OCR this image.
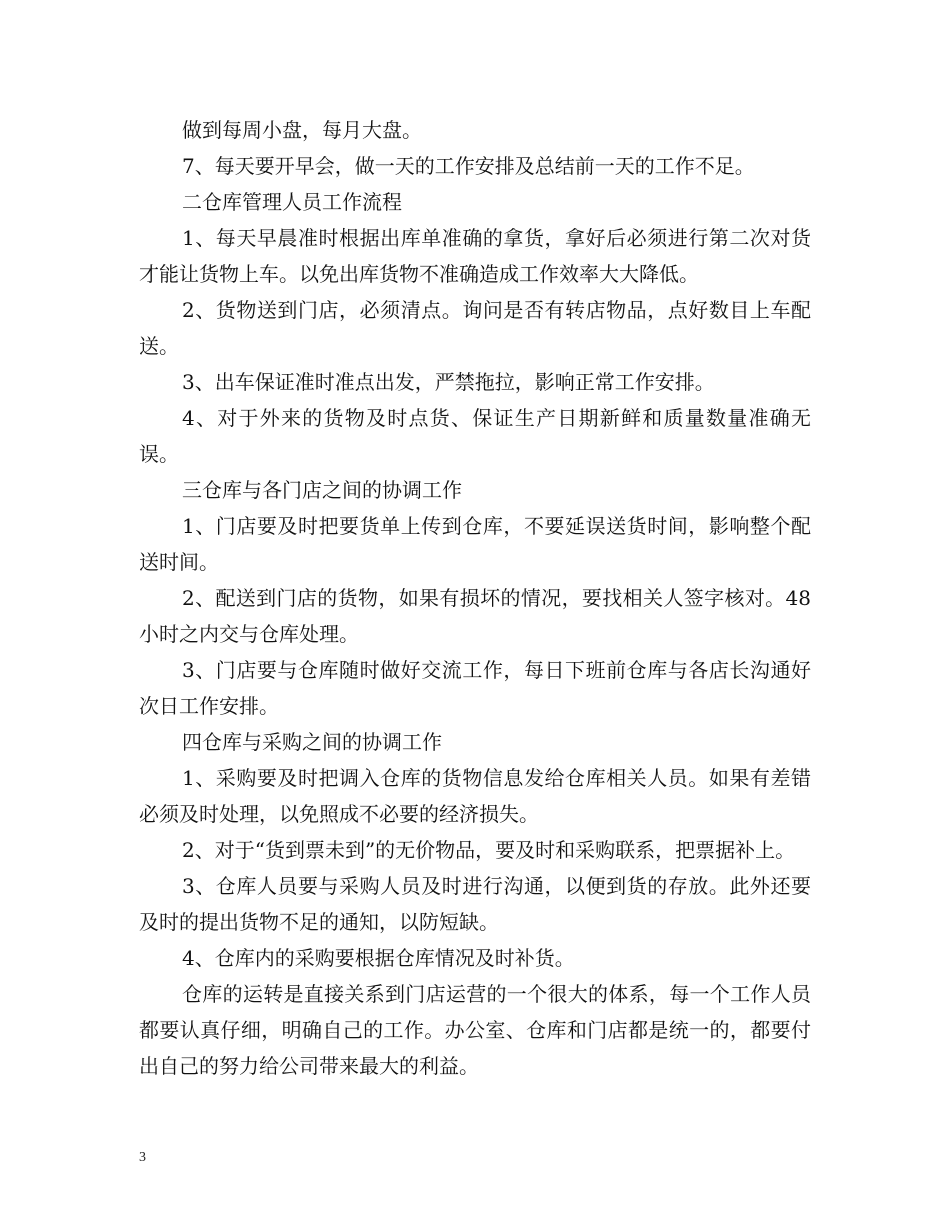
做到每周小盘，每月大盘。

7、每天要开早会，做一天的工作安排及总结前一天的工作不足。

二仓库管理人员工作流程

1、每天早晨准时根据出库单准确的拿货，拿好后必须进行第二次对货才能让货物上车。以免出库货物不准确造成工作效率大大降低。

2、货物送到门店，必须清点。询问是否有转店物品，点好数目上车配送。

3、出车保证准时准点出发，严禁拖拉，影响正常工作安排。

4、对于外来的货物及时点货、保证生产日期新鲜和质量数量准确无误。

三仓库与各门店之间的协调工作

1、门店要及时把要货单上传到仓库，不要延误送货时间，影响整个配送时间。

2、配送到门店的货物，如果有损坏的情况，要找相关人签字核对。48小时之内交与仓库处理。

3、门店要与仓库随时做好交流工作，每日下班前仓库与各店长沟通好次日工作安排。

四仓库与采购之间的协调工作

1、采购要及时把调入仓库的货物信息发给仓库相关人员。如果有差错必须及时处理，以免照成不必要的经济损失。

2、对于“货到票未到”的无价物品，要及时和采购联系，把票据补上。

3、仓库人员要与采购人员及时进行沟通，以便到货的存放。此外还要及时的提出货物不足的通知，以防短缺。

4、仓库内的采购要根据仓库情况及时补货。

仓库的运转是直接关系到门店运营的一个很大的体系，每一个工作人员都要认真仔细，明确自己的工作。办公室、仓库和门店都是统一的，都要付出自己的努力给公司带来最大的利益。

3
